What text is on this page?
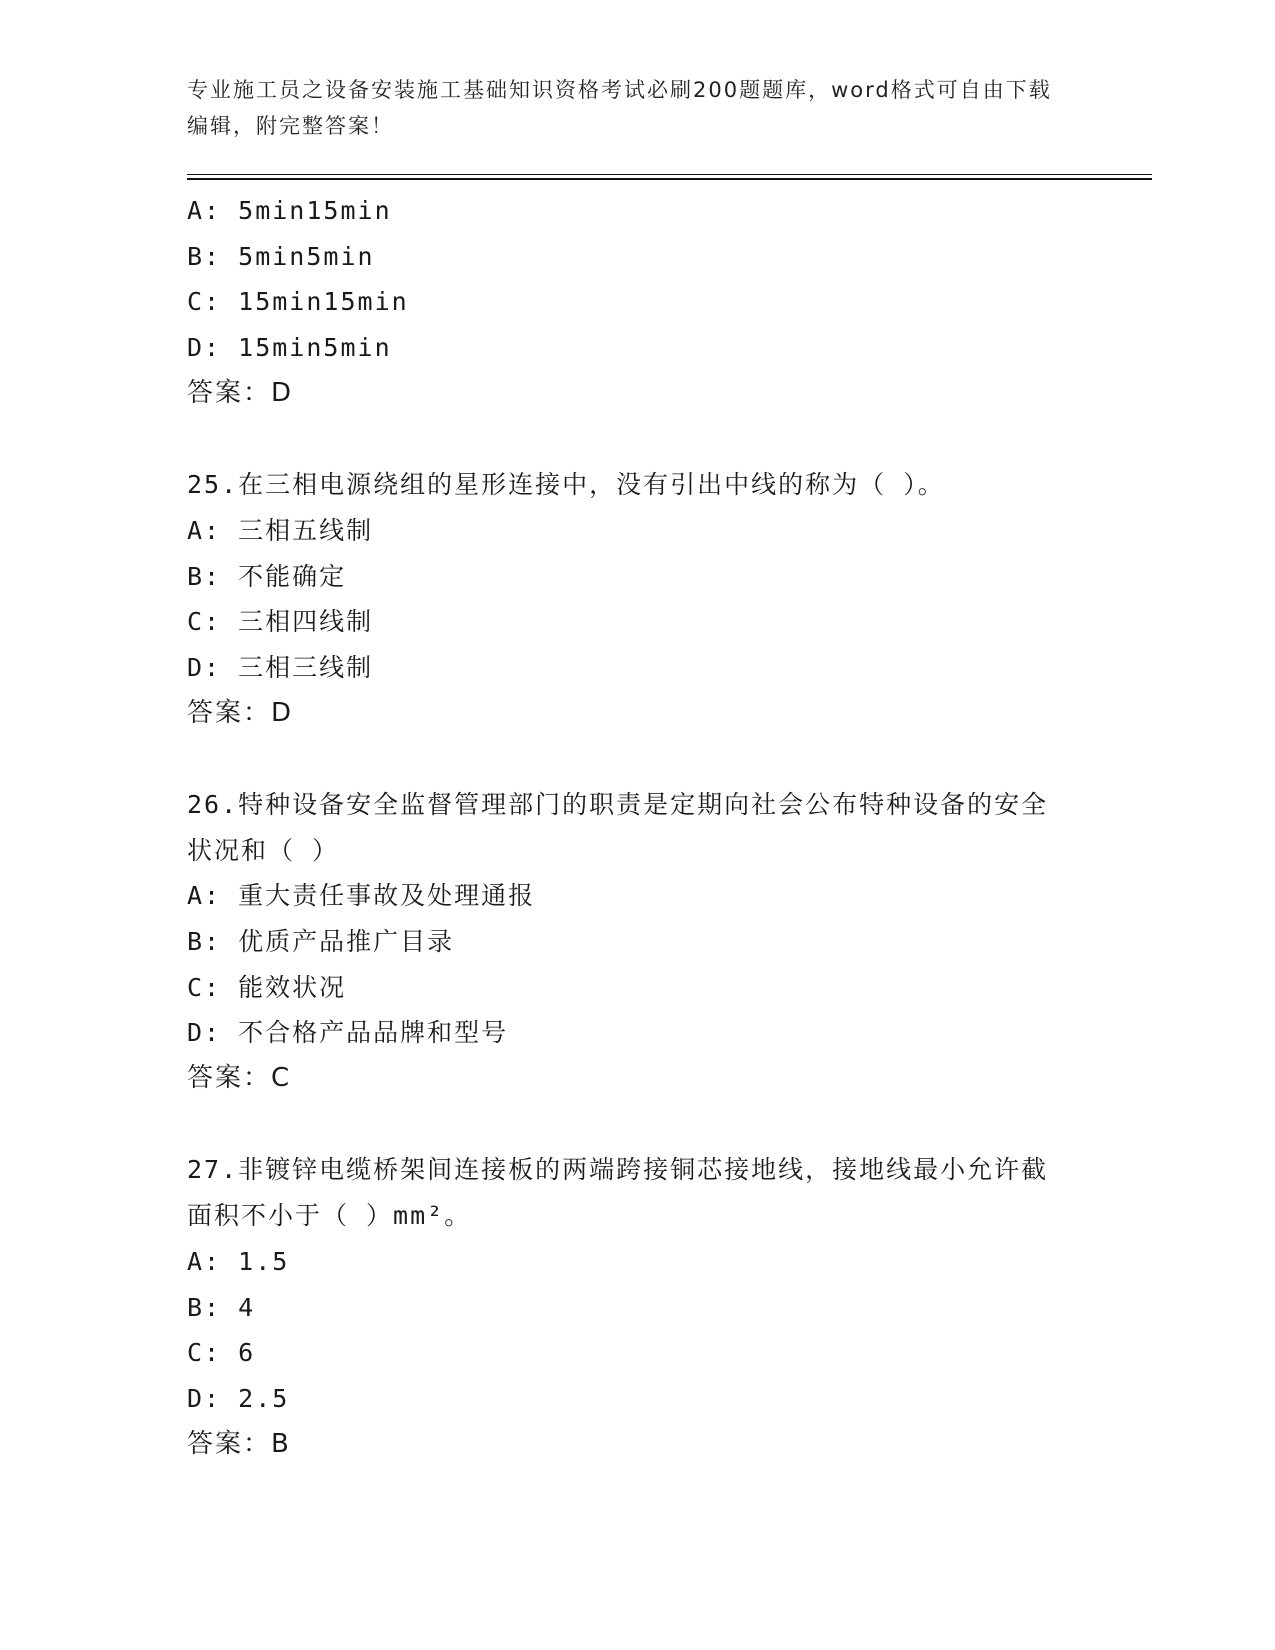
专业施工员之设备安装施工基础知识资格考试必刷200题题库，word格式可自由下载编辑，附完整答案！
A: 5min15min
B: 5min5min
C: 15min15min
D: 15min5min
答案：D
25.在三相电源绕组的星形连接中，没有引出中线的称为（ ）。
A: 三相五线制
B: 不能确定
C: 三相四线制
D: 三相三线制
答案：D
26.特种设备安全监督管理部门的职责是定期向社会公布特种设备的安全状况和（ ）
A: 重大责任事故及处理通报
B: 优质产品推广目录
C: 能效状况
D: 不合格产品品牌和型号
答案：C
27.非镀锌电缆桥架间连接板的两端跨接铜芯接地线，接地线最小允许截面积不小于（ ）mm²。
A: 1.5
B: 4
C: 6
D: 2.5
答案：B
